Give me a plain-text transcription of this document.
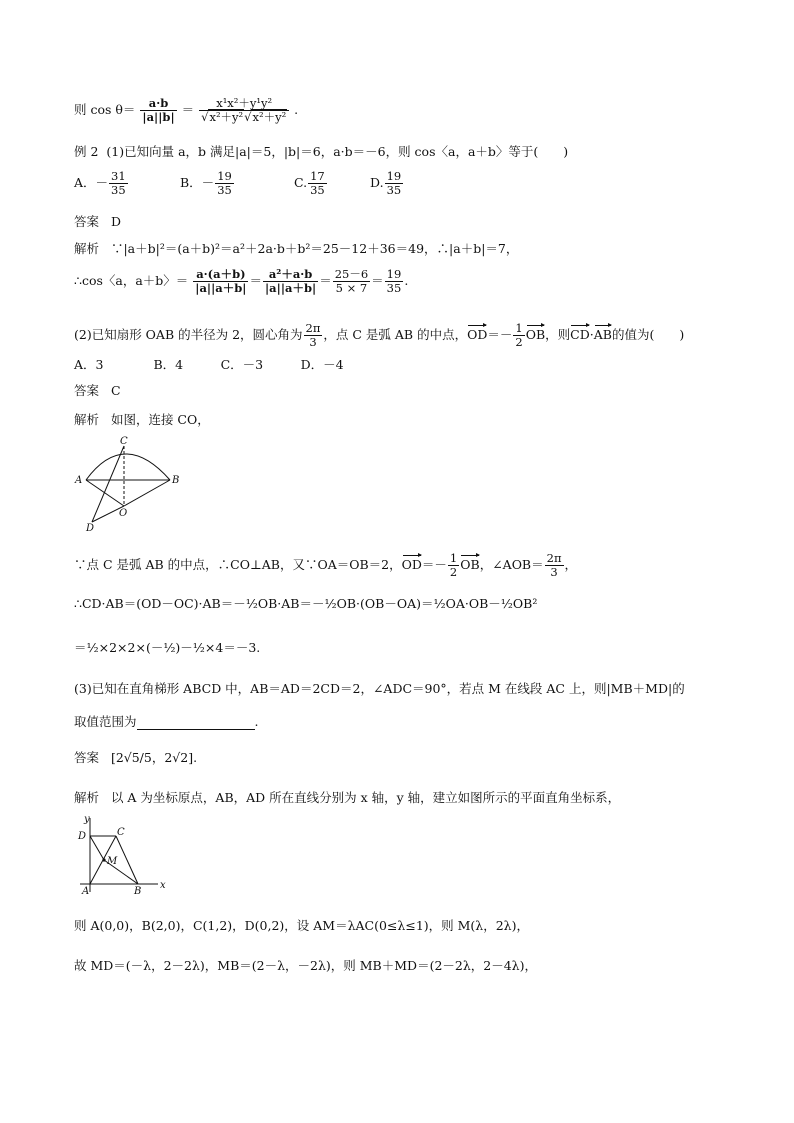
则 $\cos \theta= \frac{a\cdot b}{|a||b|} = \frac{\text{x¹x²＋y¹y²}}{\text{√x²＋y²√x²＋y²}}$ .
例 2 (1)已知向量 a，b 满足|a|＝5，|b|＝6，a·b＝－6，则 cos〈a，a＋b〉等于(　　)
A．－ $\frac{31}{35}$	B．－ $\frac{19}{35}$	C. $\frac{17}{35}$	D. $\frac{19}{35}$
答案 D
解析 ∵|a＋b|²＝(a＋b)²＝a²＋2a·b＋b²＝25－12＋36＝49，∴|a＋b|＝7，
∴cos〈a，a＋b〉＝ $\frac{a\cdot(a+b)}{|a||a+b|} = \frac{\text{a²＋a·b}}{|a||a+b|} = \frac{25-6}{5 \times 7} = \frac{19}{35}$ .
(2)已知扇形 OAB 的半径为 2，圆心角为 $\frac{2\pi}{3}$ ，点 C 是弧 AB 的中点，$OD=- \frac{1}{2}$ OB，则CD·AB的值为(　　)
A．3　　　　B．4　　　C．－3　　　D．－4
答案 C
解析 如图，连接 CO，
C
A	B
O
D
∵点 C 是弧 AB 的中点，∴CO⊥AB，又∵OA＝OB＝2，$OD=- \frac{1}{2}$ OB，∠AOB＝ $\frac{2\pi}{3}$ ，
∴CD·AB＝(OD－OC)·AB＝－½OB·AB＝－½OB·(OB－OA)＝½OA·OB－½OB²
＝½×2×2×(－½)－½×4＝－3.
(3)已知在直角梯形 ABCD 中，AB＝AD＝2CD＝2，∠ADC＝90°，若点 M 在线段 AC 上，则|MB＋MD|的
取值范围为	.
答案 [2√5/5，2√2].
解析 以 A 为坐标原点，AB，AD 所在直线分别为 x 轴，y 轴，建立如图所示的平面直角坐标系，
y
D	C
M
A	B
x
则 A(0,0)，B(2,0)，C(1,2)，D(0,2)，设 AM＝λAC(0≤λ≤1)，则 M(λ，2λ)，
故 MD＝(－λ，2－2λ)，MB＝(2－λ，－2λ)，则 MB＋MD＝(2－2λ，2－4λ)，
